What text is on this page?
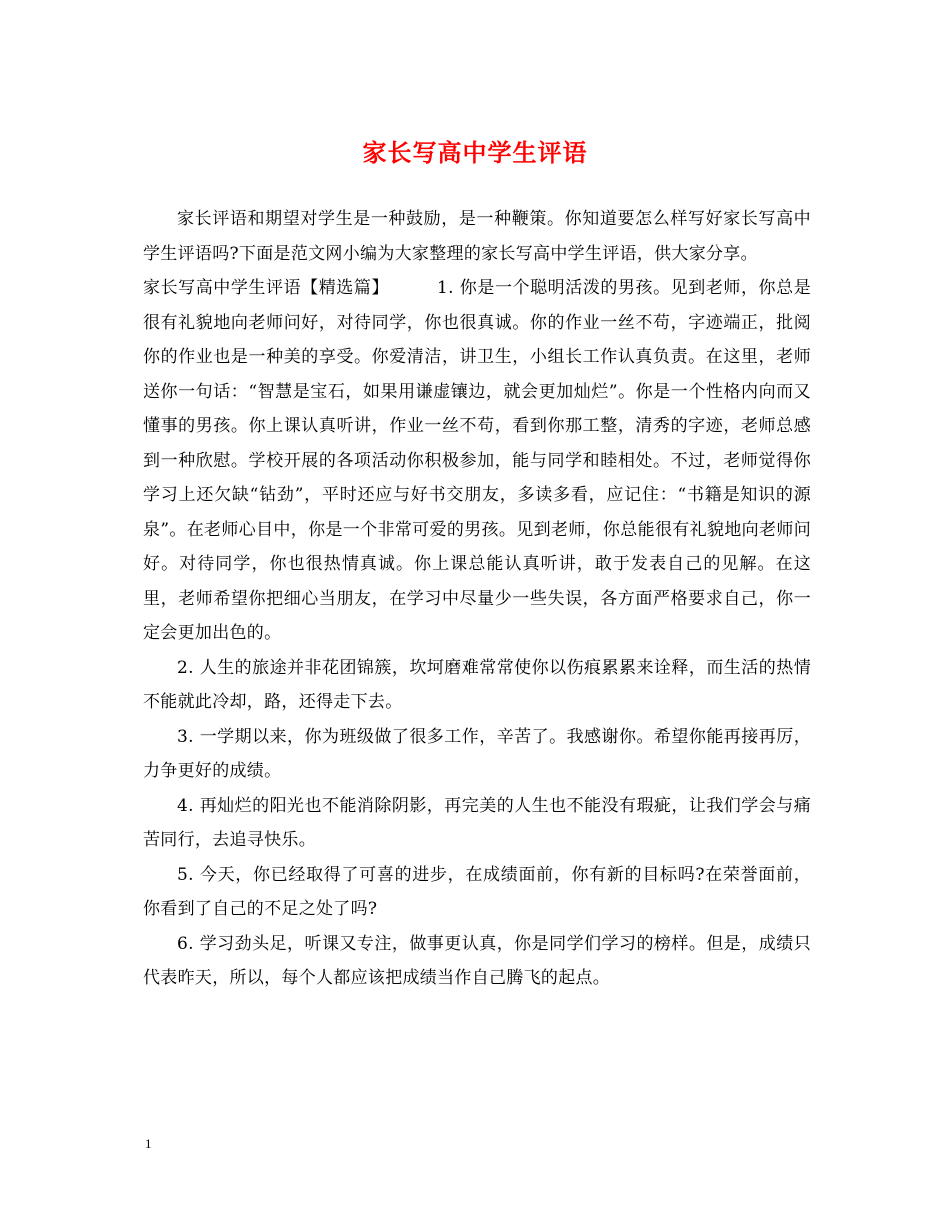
家长写高中学生评语

家长评语和期望对学生是一种鼓励，是一种鞭策。你知道要怎么样写好家长写高中学生评语吗?下面是范文网小编为大家整理的家长写高中学生评语，供大家分享。

家长写高中学生评语【精选篇】	1. 你是一个聪明活泼的男孩。见到老师，你总是很有礼貌地向老师问好，对待同学，你也很真诚。你的作业一丝不苟，字迹端正，批阅你的作业也是一种美的享受。你爱清洁，讲卫生，小组长工作认真负责。在这里，老师送你一句话：“智慧是宝石，如果用谦虚镶边，就会更加灿烂”。你是一个性格内向而又懂事的男孩。你上课认真听讲，作业一丝不苟，看到你那工整，清秀的字迹，老师总感到一种欣慰。学校开展的各项活动你积极参加，能与同学和睦相处。不过，老师觉得你学习上还欠缺“钻劲”，平时还应与好书交朋友，多读多看，应记住：“书籍是知识的源泉”。在老师心目中，你是一个非常可爱的男孩。见到老师，你总能很有礼貌地向老师问好。对待同学，你也很热情真诚。你上课总能认真听讲，敢于发表自己的见解。在这里，老师希望你把细心当朋友，在学习中尽量少一些失误，各方面严格要求自己，你一定会更加出色的。

2. 人生的旅途并非花团锦簇，坎坷磨难常常使你以伤痕累累来诠释，而生活的热情不能就此冷却，路，还得走下去。

3. 一学期以来，你为班级做了很多工作，辛苦了。我感谢你。希望你能再接再厉，力争更好的成绩。

4. 再灿烂的阳光也不能消除阴影，再完美的人生也不能没有瑕疵，让我们学会与痛苦同行，去追寻快乐。

5. 今天，你已经取得了可喜的进步，在成绩面前，你有新的目标吗?在荣誉面前，你看到了自己的不足之处了吗?

6. 学习劲头足，听课又专注，做事更认真，你是同学们学习的榜样。但是，成绩只代表昨天，所以，每个人都应该把成绩当作自己腾飞的起点。

1
